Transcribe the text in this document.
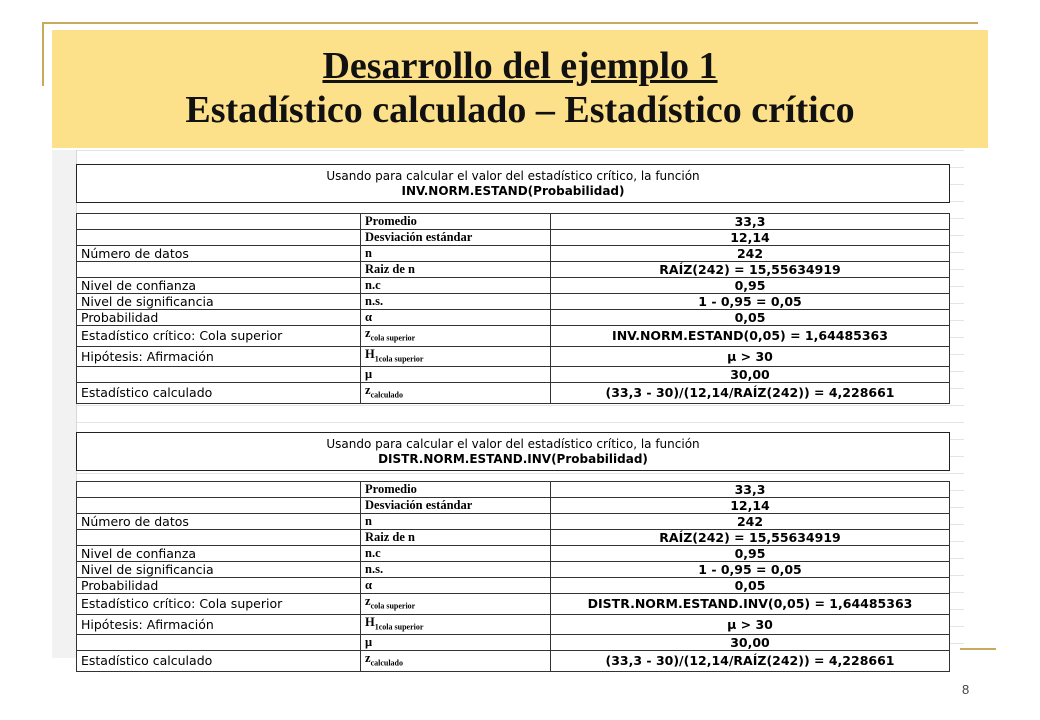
Desarrollo del ejemplo 1
Estadístico calculado – Estadístico crítico
Usando para calcular el valor del estadístico crítico, la función
INV.NORM.ESTAND(Probabilidad)
	Promedio	33,3
	Desviación estándar	12,14
Número de datos	n	242
	Raiz de n	RAÍZ(242) = 15,55634919
Nivel de confianza	n.c	0,95
Nivel de significancia	n.s.	1 - 0,95 = 0,05
Probabilidad	α	0,05
Estadístico crítico: Cola superior	$z_{cola superior}$	INV.NORM.ESTAND(0,05) = 1,64485363
Hipótesis: Afirmación	$H_{1cola superior}$	μ > 30
	μ	30,00
Estadístico calculado	$z_{calculado}$	(33,3 - 30)/(12,14/RAÍZ(242)) = 4,228661
Usando para calcular el valor del estadístico crítico, la función
DISTR.NORM.ESTAND.INV(Probabilidad)
	Promedio	33,3
	Desviación estándar	12,14
Número de datos	n	242
	Raiz de n	RAÍZ(242) = 15,55634919
Nivel de confianza	n.c	0,95
Nivel de significancia	n.s.	1 - 0,95 = 0,05
Probabilidad	α	0,05
Estadístico crítico: Cola superior	$z_{cola superior}$	DISTR.NORM.ESTAND.INV(0,05) = 1,64485363
Hipótesis: Afirmación	$H_{1cola superior}$	μ > 30
	μ	30,00
Estadístico calculado	$z_{calculado}$	(33,3 - 30)/(12,14/RAÍZ(242)) = 4,228661
8
